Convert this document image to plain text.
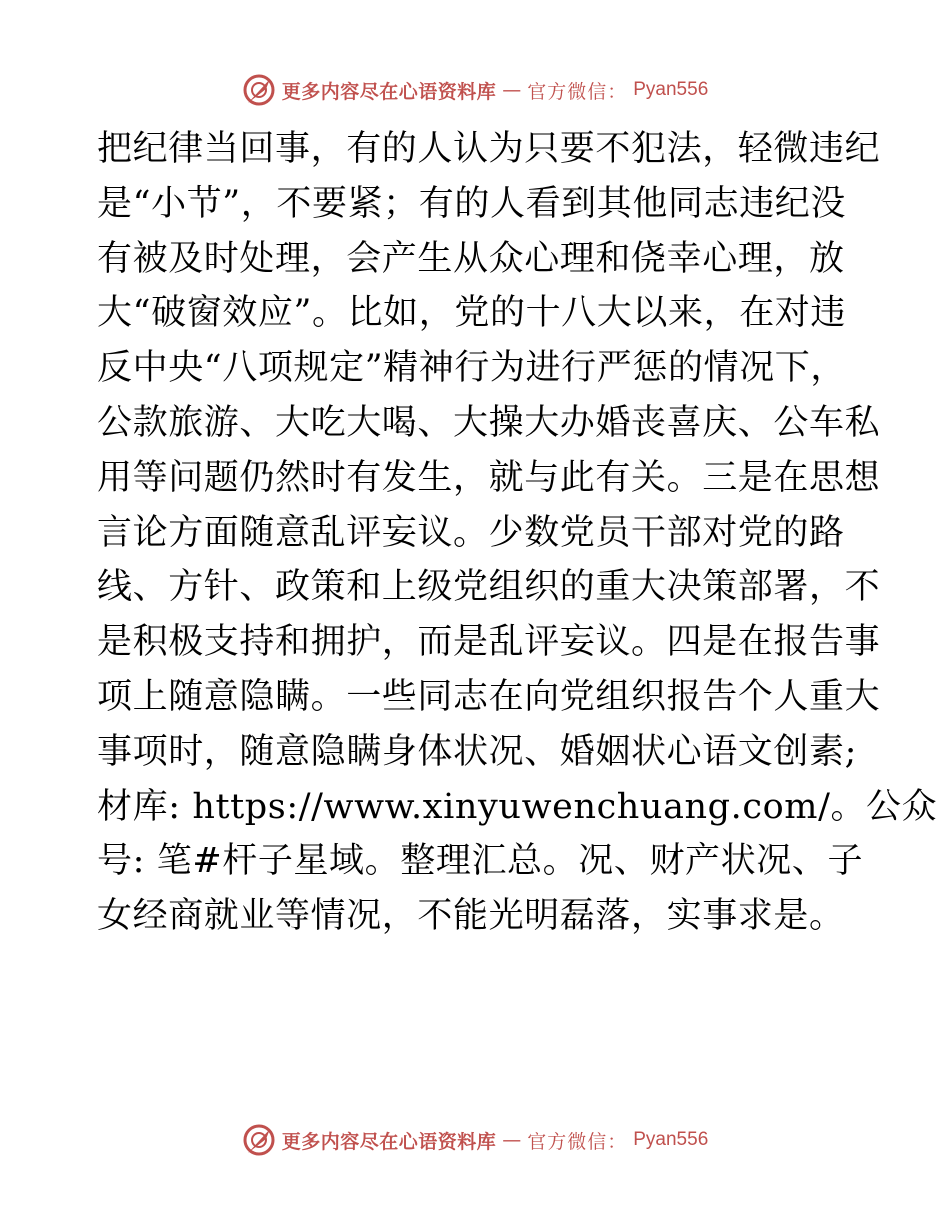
更多内容尽在心语资料库 — 官方微信： Pyan556
把纪律当回事，有的人认为只要不犯法，轻微违纪
是“小节”，不要紧；有的人看到其他同志违纪没
有被及时处理，会产生从众心理和侥幸心理，放
大“破窗效应”。比如，党的十八大以来，在对违
反中央“八项规定”精神行为进行严惩的情况下，
公款旅游、大吃大喝、大操大办婚丧喜庆、公车私
用等问题仍然时有发生，就与此有关。三是在思想
言论方面随意乱评妄议。少数党员干部对党的路
线、方针、政策和上级党组织的重大决策部署，不
是积极支持和拥护，而是乱评妄议。四是在报告事
项上随意隐瞒。一些同志在向党组织报告个人重大
事项时，随意隐瞒身体状况、婚姻状心语文创素;
材库: https://www.xinyuwenchuang.com/。公众
号: 笔#杆子星域。整理汇总。况、财产状况、子
女经商就业等情况，不能光明磊落，实事求是。
更多内容尽在心语资料库 — 官方微信： Pyan556
